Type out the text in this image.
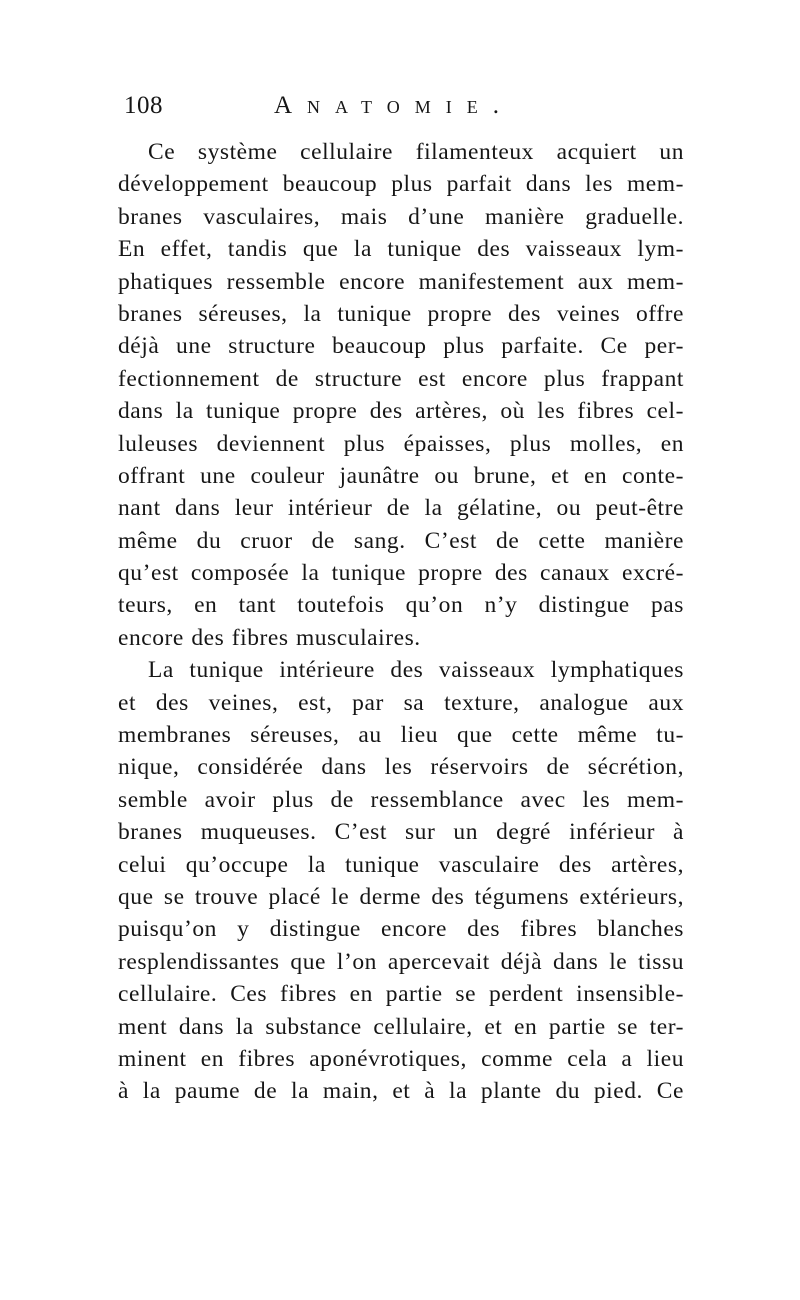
108	Anatomie.
Ce système cellulaire filamenteux acquiert un
développement beaucoup plus parfait dans les mem-
branes vasculaires, mais d’une manière graduelle.
En effet, tandis que la tunique des vaisseaux lym-
phatiques ressemble encore manifestement aux mem-
branes séreuses, la tunique propre des veines offre
déjà une structure beaucoup plus parfaite. Ce per-
fectionnement de structure est encore plus frappant
dans la tunique propre des artères, où les fibres cel-
luleuses deviennent plus épaisses, plus molles, en
offrant une couleur jaunâtre ou brune, et en conte-
nant dans leur intérieur de la gélatine, ou peut-être
même du cruor de sang. C’est de cette manière
qu’est composée la tunique propre des canaux excré-
teurs, en tant toutefois qu’on n’y distingue pas
encore des fibres musculaires.
La tunique intérieure des vaisseaux lymphatiques
et des veines, est, par sa texture, analogue aux
membranes séreuses, au lieu que cette même tu-
nique, considérée dans les réservoirs de sécrétion,
semble avoir plus de ressemblance avec les mem-
branes muqueuses. C’est sur un degré inférieur à
celui qu’occupe la tunique vasculaire des artères,
que se trouve placé le derme des tégumens extérieurs,
puisqu’on y distingue encore des fibres blanches
resplendissantes que l’on apercevait déjà dans le tissu
cellulaire. Ces fibres en partie se perdent insensible-
ment dans la substance cellulaire, et en partie se ter-
minent en fibres aponévrotiques, comme cela a lieu
à la paume de la main, et à la plante du pied. Ce
